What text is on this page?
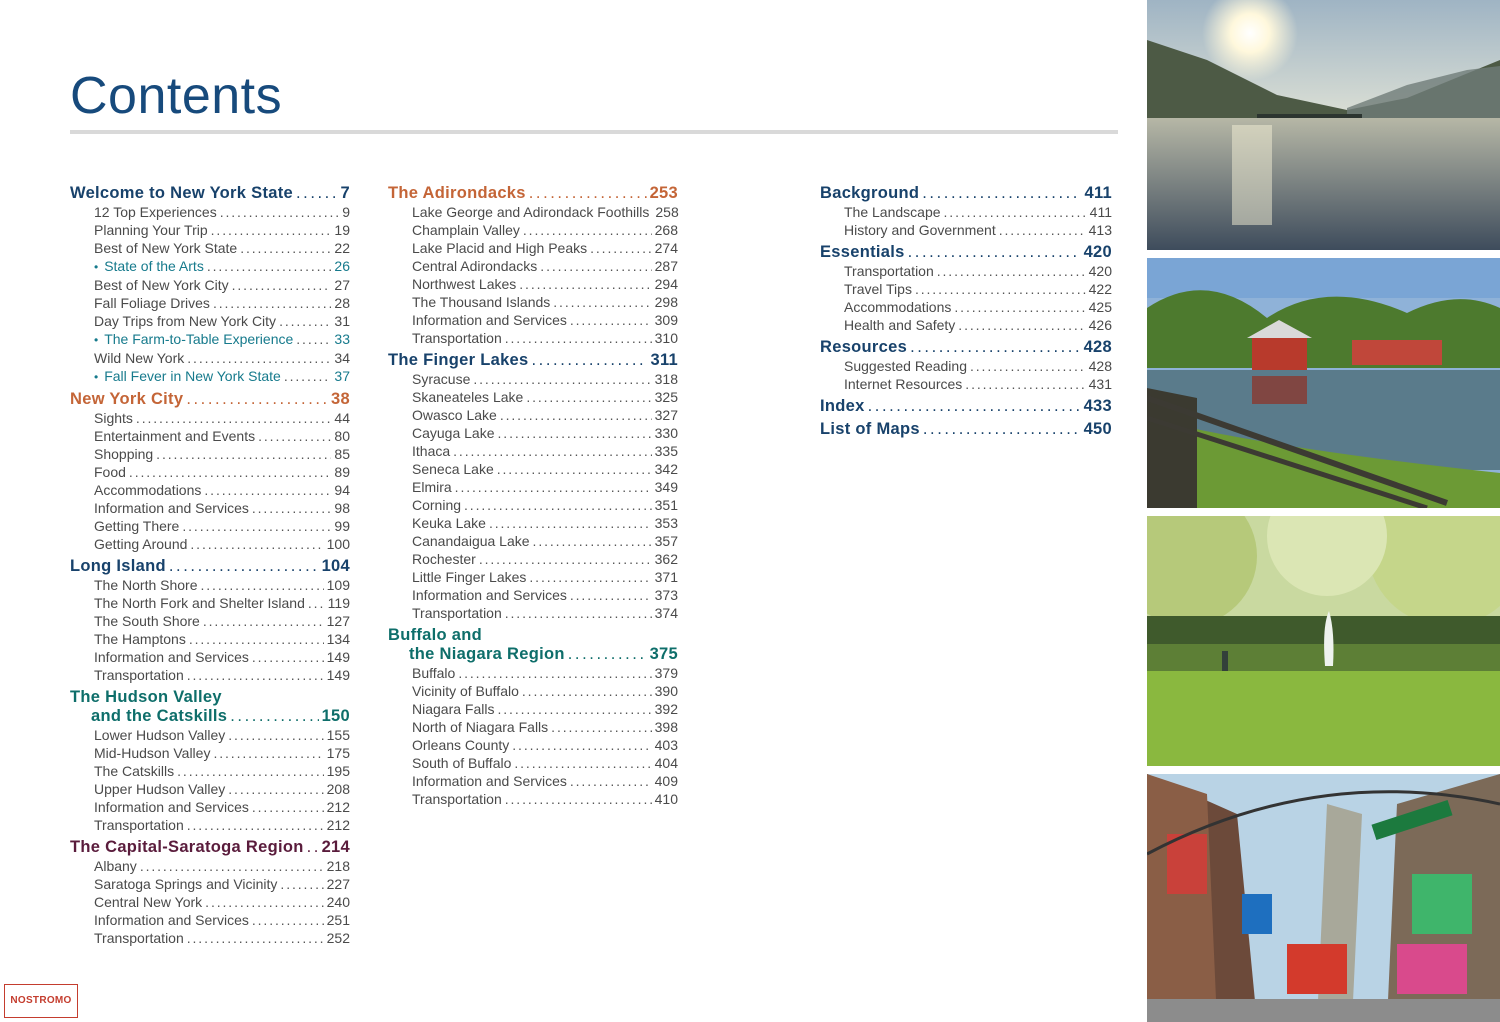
Contents
Welcome to New York State . . .	7
12 Top Experiences . . .	9
Planning Your Trip . . .	19
Best of New York State . . .	22
• State of the Arts . . .	26
Best of New York City . . .	27
Fall Foliage Drives . . .	28
Day Trips from New York City . . .	31
• The Farm-to-Table Experience . . .	33
Wild New York . . .	34
• Fall Fever in New York State . . .	37
New York City . . .	38
Sights . . .	44
Entertainment and Events . . .	80
Shopping . . .	85
Food . . .	89
Accommodations . . .	94
Information and Services . . .	98
Getting There . . .	99
Getting Around . . .	100
Long Island . . .	104
The North Shore . . .	109
The North Fork and Shelter Island . . . 119
The South Shore . . .	127
The Hamptons . . .	134
Information and Services . . .	149
Transportation . . .	149
The Hudson Valley
and the Catskills . . .	150
Lower Hudson Valley . . .	155
Mid-Hudson Valley . . .	175
The Catskills . . .	195
Upper Hudson Valley . . .	208
Information and Services . . .	212
Transportation . . .	212
The Capital-Saratoga Region . . . 214
Albany . . .	218
Saratoga Springs and Vicinity . . .	227
Central New York . . .	240
Information and Services . . .	251
Transportation . . .	252
The Adirondacks . . .	253
Lake George and Adirondack Foothills 258
Champlain Valley . . .	268
Lake Placid and High Peaks . . .	274
Central Adirondacks . . .	287
Northwest Lakes . . .	294
The Thousand Islands . . .	298
Information and Services . . .	309
Transportation . . .	310
The Finger Lakes . . .	311
Syracuse . . .	318
Skaneateles Lake . . .	325
Owasco Lake . . .	327
Cayuga Lake . . .	330
Ithaca . . .	335
Seneca Lake . . .	342
Elmira . . .	349
Corning . . .	351
Keuka Lake . . .	353
Canandaigua Lake . . .	357
Rochester . . .	362
Little Finger Lakes . . .	371
Information and Services . . .	373
Transportation . . .	374
Buffalo and
the Niagara Region . . .	375
Buffalo . . .	379
Vicinity of Buffalo . . .	390
Niagara Falls . . .	392
North of Niagara Falls . . .	398
Orleans County . . .	403
South of Buffalo . . .	404
Information and Services . . .	409
Transportation . . .	410
Background . . .	411
The Landscape . . .	411
History and Government . . .	413
Essentials . . .	420
Transportation . . .	420
Travel Tips . . .	422
Accommodations . . .	425
Health and Safety . . .	426
Resources . . .	428
Suggested Reading . . .	428
Internet Resources . . .	431
Index . . .	433
List of Maps . . .	450
NOSTROMO
